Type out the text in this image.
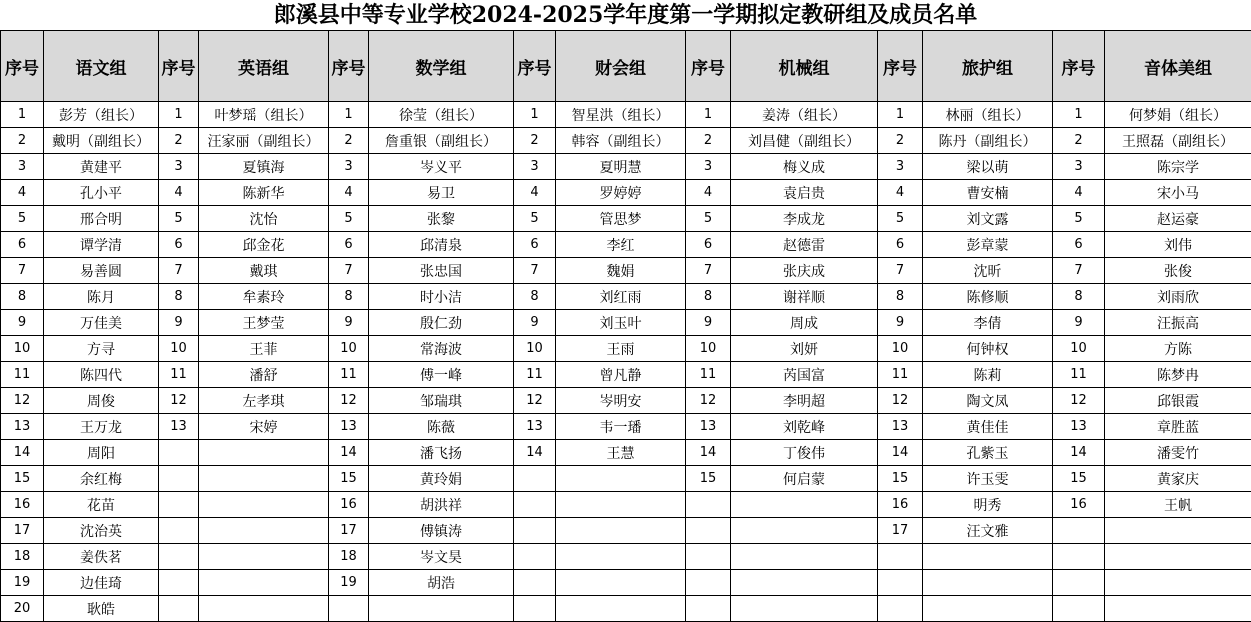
郎溪县中等专业学校2024-2025学年度第一学期拟定教研组及成员名单
序号	语文组	序号	英语组	序号	数学组	序号	财会组	序号	机械组	序号	旅护组	序号	音体美组
1	彭芳（组长）	1	叶梦瑶（组长）	1	徐莹（组长）	1	智星洪（组长）	1	姜涛（组长）	1	林丽（组长）	1	何梦娟（组长）
2	戴明（副组长）	2	汪家丽（副组长）	2	詹重银（副组长）	2	韩容（副组长）	2	刘昌健（副组长）	2	陈丹（副组长）	2	王照磊（副组长）
3	黄建平	3	夏镇海	3	岑义平	3	夏明慧	3	梅义成	3	梁以萌	3	陈宗学
4	孔小平	4	陈新华	4	易卫	4	罗婷婷	4	袁启贵	4	曹安楠	4	宋小马
5	邢合明	5	沈怡	5	张黎	5	管思梦	5	李成龙	5	刘文露	5	赵运豪
6	谭学清	6	邱金花	6	邱清泉	6	李红	6	赵德雷	6	彭章蒙	6	刘伟
7	易善圆	7	戴琪	7	张忠国	7	魏娟	7	张庆成	7	沈昕	7	张俊
8	陈月	8	牟素玲	8	时小洁	8	刘红雨	8	谢祥顺	8	陈修顺	8	刘雨欣
9	万佳美	9	王梦莹	9	殷仁劲	9	刘玉叶	9	周成	9	李倩	9	汪振高
10	方寻	10	王菲	10	常海波	10	王雨	10	刘妍	10	何钟权	10	方陈
11	陈四代	11	潘舒	11	傅一峰	11	曾凡静	11	芮国富	11	陈莉	11	陈梦冉
12	周俊	12	左孝琪	12	邹瑞琪	12	岑明安	12	李明超	12	陶文凤	12	邱银霞
13	王万龙	13	宋婷	13	陈薇	13	韦一璠	13	刘乾峰	13	黄佳佳	13	章胜蓝
14	周阳			14	潘飞扬	14	王慧	14	丁俊伟	14	孔紫玉	14	潘雯竹
15	余红梅			15	黄玲娟			15	何启蒙	15	许玉雯	15	黄家庆
16	花苗			16	胡洪祥					16	明秀	16	王帆
17	沈治英			17	傅镇涛					17	汪文雅		
18	姜佚茗			18	岑文昊								
19	边佳琦			19	胡浩								
20	耿皓												
